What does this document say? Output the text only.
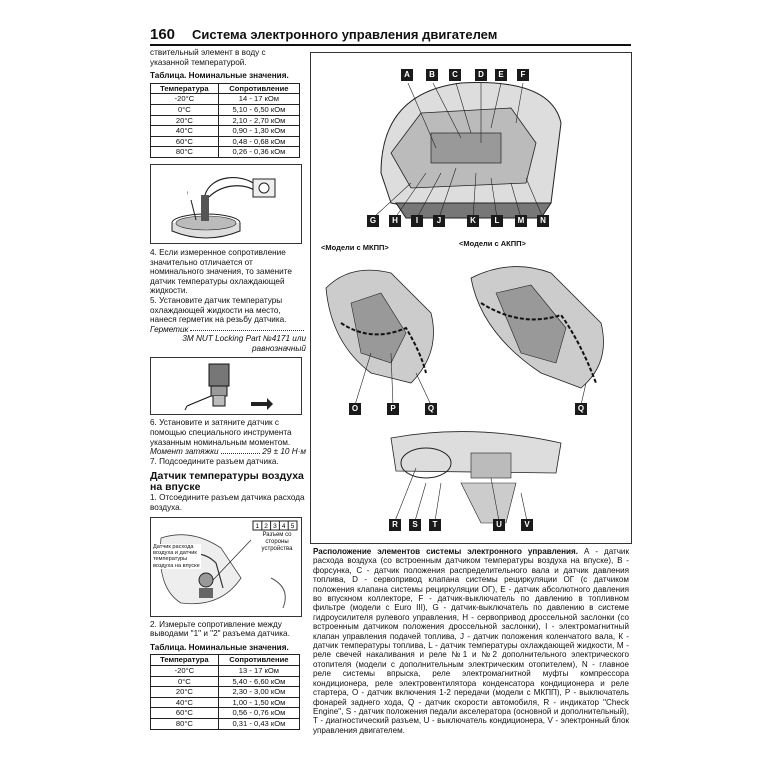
160 Система электронного управления двигателем

ствительный элемент в воду с указанной температурой.

Таблица. Номинальные значения.

Температура	Сопротивление
-20°C	14 - 17 кОм
0°C	5,10 - 6,50 кОм
20°C	2,10 - 2,70 кОм
40°C	0,90 - 1,30 кОм
60°C	0,48 - 0,68 кОм
80°C	0,26 - 0,36 кОм
↑

4. Если измеренное сопротивление значительно отличается от номинального значения, то замените датчик температуры охлаждающей жидкости.

5. Установите датчик температуры охлаждающей жидкости на место, нанеся герметик на резьбу датчика.

Герметик

3M NUT Locking Part №4171 или равнозначный

6. Установите и затяните датчик с помощью специального инструмента указанным номинальным моментом.

Момент затяжки	29 ± 10 Н·м

7. Подсоедините разъем датчика.

Датчик температуры воздуха на впуске

1. Отсоедините разъем датчика расхода воздуха.

1 2 3 4 5
Разъем со стороны устройства
Датчик расхода воздуха и датчик температуры воздуха на впуске

2. Измерьте сопротивление между выводами "1" и "2" разъема датчика.

Таблица. Номинальные значения.

Температура	Сопротивление
-20°C	13 - 17 кОм
0°C	5,40 - 6,60 кОм
20°C	2,30 - 3,00 кОм
40°C	1,00 - 1,50 кОм
60°C	0,56 - 0,76 кОм
80°C	0,31 - 0,43 кОм
A	B	C	D	E	F
G	H	I	J	K	L	M	N
<Модели с МКПП>	<Модели с АКПП>
O	P	Q	Q
R	S	T	U	V
Расположение элементов системы электронного управления. А - датчик расхода воздуха (со встроенным датчиком температуры воздуха на впуске), В - форсунка, С - датчик положения распределительного вала и датчик давления топлива, D - сервопривод клапана системы рециркуляции ОГ (с датчиком положения клапана системы рециркуляции ОГ), Е - датчик абсолютного давления во впускном коллекторе, F - датчик-выключатель по давлению в топливном фильтре (модели с Euro III), G - датчик-выключатель по давлению в системе гидроусилителя рулевого управления, Н - сервопривод дроссельной заслонки (со встроенным датчиком положения дроссельной заслонки), I - электромагнитный клапан управления подачей топлива, J - датчик положения коленчатого вала, К - датчик температуры топлива, L - датчик температуры охлаждающей жидкости, М - реле свечей накаливания и реле №1 и №2 дополнительного электрического отопителя (модели с дополнительным электрическим отопителем), N - главное реле системы впрыска, реле электромагнитной муфты компрессора кондиционера, реле электровентилятора конденсатора кондиционера и реле стартера, О - датчик включения 1-2 передачи (модели с МКПП), Р - выключатель фонарей заднего хода, Q - датчик скорости автомобиля, R - индикатор "Check Engine", S - датчик положения педали акселератора (основной и дополнительный), Т - диагностический разъем, U - выключатель кондиционера, V - электронный блок управления двигателем.
